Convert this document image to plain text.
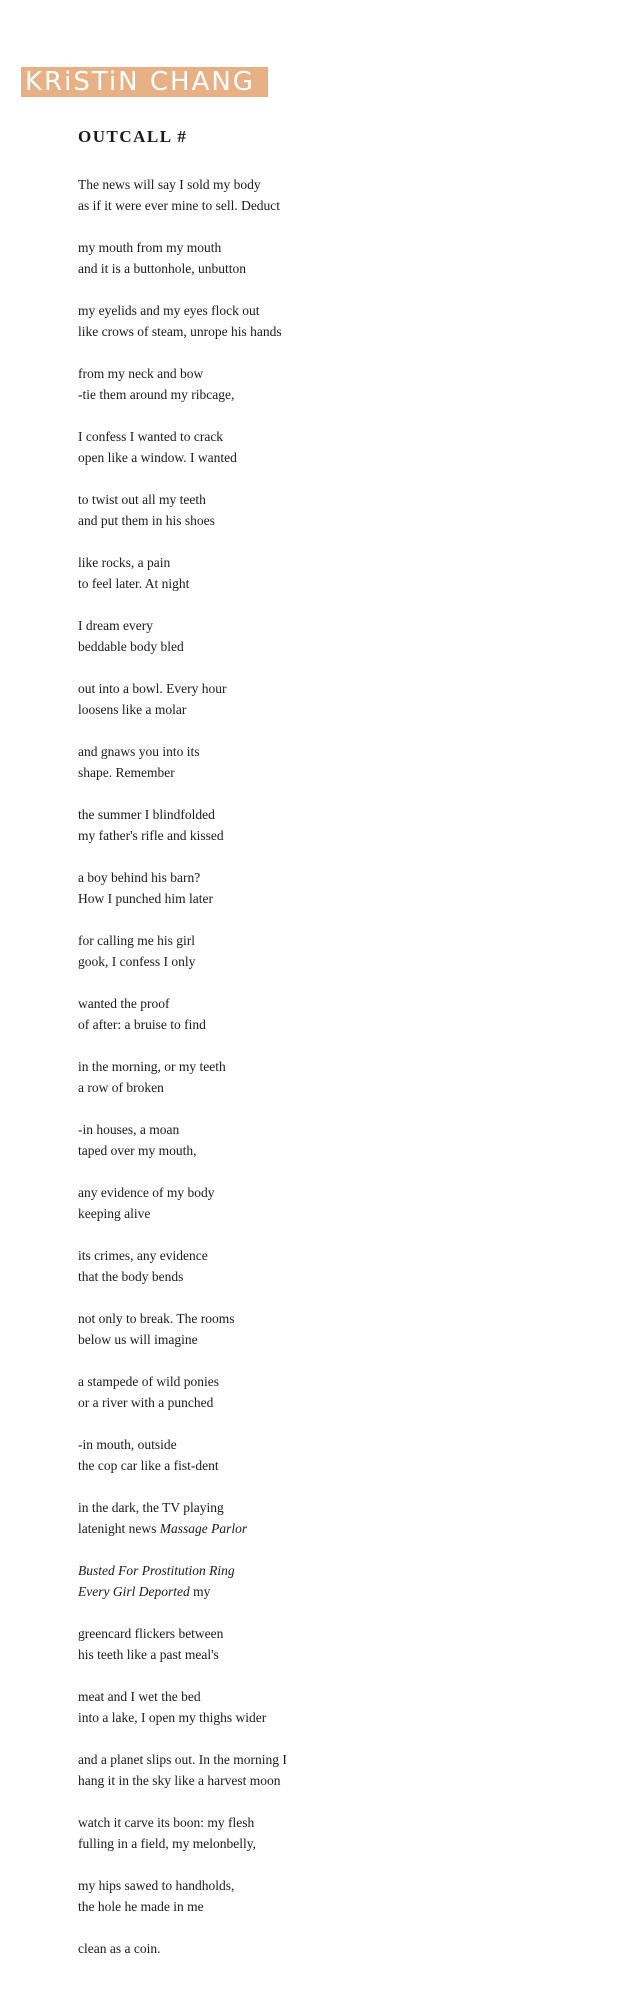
KRiSTiN CHANG
OUTCALL #
The news will say I sold my body
as if it were ever mine to sell. Deduct
my mouth from my mouth
and it is a buttonhole, unbutton
my eyelids and my eyes flock out
like crows of steam, unrope his hands
from my neck and bow
-tie them around my ribcage,
I confess I wanted to crack
open like a window. I wanted
to twist out all my teeth
and put them in his shoes
like rocks, a pain
to feel later. At night
I dream every
beddable body bled
out into a bowl. Every hour
loosens like a molar
and gnaws you into its
shape. Remember
the summer I blindfolded
my father's rifle and kissed
a boy behind his barn?
How I punched him later
for calling me his girl
gook, I confess I only
wanted the proof
of after: a bruise to find
in the morning, or my teeth
a row of broken
-in houses, a moan
taped over my mouth,
any evidence of my body
keeping alive
its crimes, any evidence
that the body bends
not only to break. The rooms
below us will imagine
a stampede of wild ponies
or a river with a punched
-in mouth, outside
the cop car like a fist-dent
in the dark, the TV playing
latenight news Massage Parlor
Busted For Prostitution Ring
Every Girl Deported my
greencard flickers between
his teeth like a past meal's
meat and I wet the bed
into a lake, I open my thighs wider
and a planet slips out. In the morning I
hang it in the sky like a harvest moon
watch it carve its boon: my flesh
fulling in a field, my melonbelly,
my hips sawed to handholds,
the hole he made in me
clean as a coin.
